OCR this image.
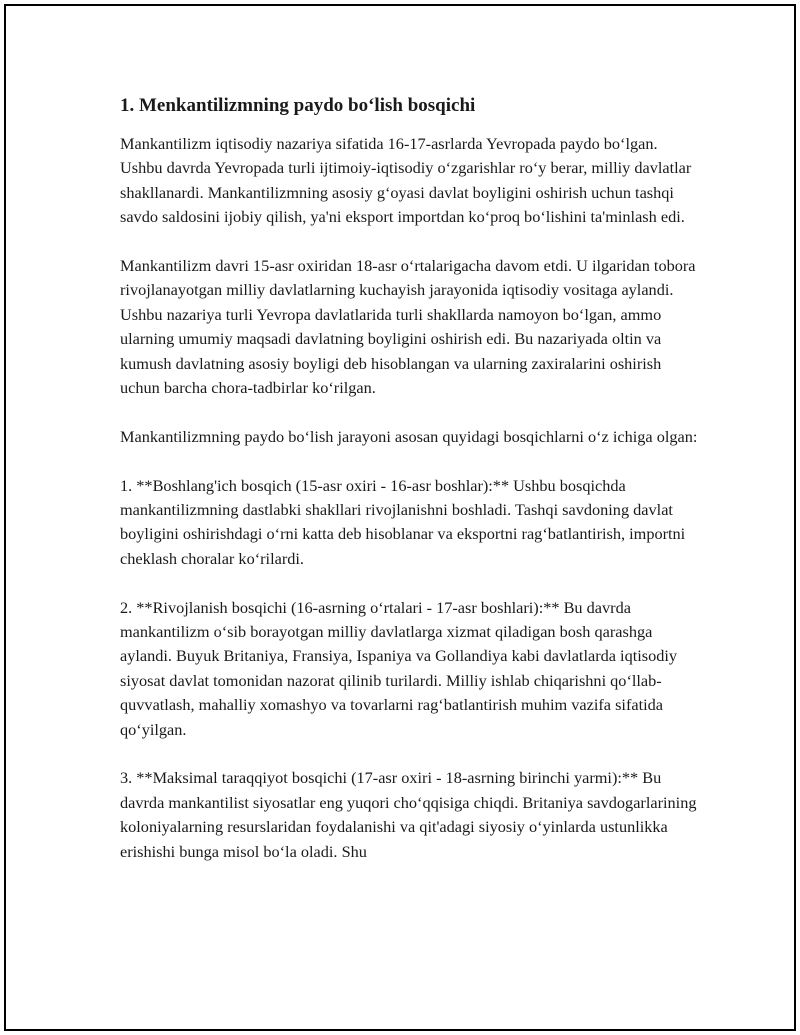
1. Menkantilizmning paydo bo‘lish bosqichi

Mankantilizm iqtisodiy nazariya sifatida 16-17-asrlarda Yevropada paydo bo‘lgan. Ushbu davrda Yevropada turli ijtimoiy-iqtisodiy o‘zgarishlar ro‘y berar, milliy davlatlar shakllanardi. Mankantilizmning asosiy g‘oyasi davlat boyligini oshirish uchun tashqi savdo saldosini ijobiy qilish, ya'ni eksport importdan ko‘proq bo‘lishini ta'minlash edi.

Mankantilizm davri 15-asr oxiridan 18-asr o‘rtalarigacha davom etdi. U ilgaridan tobora rivojlanayotgan milliy davlatlarning kuchayish jarayonida iqtisodiy vositaga aylandi. Ushbu nazariya turli Yevropa davlatlarida turli shakllarda namoyon bo‘lgan, ammo ularning umumiy maqsadi davlatning boyligini oshirish edi. Bu nazariyada oltin va kumush davlatning asosiy boyligi deb hisoblangan va ularning zaxiralarini oshirish uchun barcha chora-tadbirlar ko‘rilgan.

Mankantilizmning paydo bo‘lish jarayoni asosan quyidagi bosqichlarni o‘z ichiga olgan:

1. **Boshlang'ich bosqich (15-asr oxiri - 16-asr boshlar):** Ushbu bosqichda mankantilizmning dastlabki shakllari rivojlanishni boshladi. Tashqi savdoning davlat boyligini oshirishdagi o‘rni katta deb hisoblanar va eksportni rag‘batlantirish, importni cheklash choralar ko‘rilardi.

2. **Rivojlanish bosqichi (16-asrning o‘rtalari - 17-asr boshlari):** Bu davrda mankantilizm o‘sib borayotgan milliy davlatlarga xizmat qiladigan bosh qarashga aylandi. Buyuk Britaniya, Fransiya, Ispaniya va Gollandiya kabi davlatlarda iqtisodiy siyosat davlat tomonidan nazorat qilinib turilardi. Milliy ishlab chiqarishni qo‘llab-quvvatlash, mahalliy xomashyo va tovarlarni rag‘batlantirish muhim vazifa sifatida qo‘yilgan.

3. **Maksimal taraqqiyot bosqichi (17-asr oxiri - 18-asrning birinchi yarmi):** Bu davrda mankantilist siyosatlar eng yuqori cho‘qqisiga chiqdi. Britaniya savdogarlarining koloniyalarning resurslaridan foydalanishi va qit'adagi siyosiy o‘yinlarda ustunlikka erishishi bunga misol bo‘la oladi. Shu
